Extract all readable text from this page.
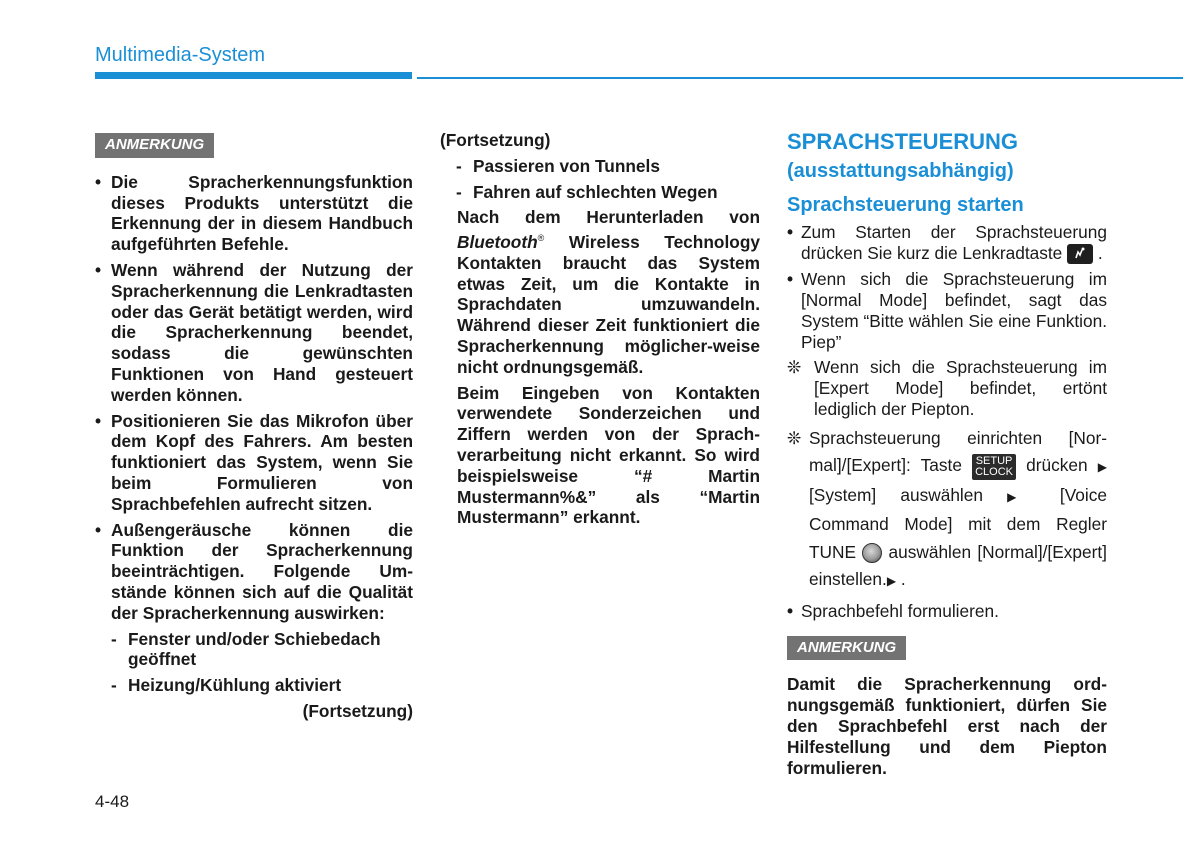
Multimedia-System
ANMERKUNG
• Die Spracherkennungsfunktion dieses Produkts unterstützt die Erkennung der in diesem Handbuch aufgeführten Befehle.
• Wenn während der Nutzung der Spracherkennung die Lenkradtasten oder das Gerät betätigt werden, wird die Spracherkennung beendet, sodass die gewünschten Funktionen von Hand gesteuert werden können.
• Positionieren Sie das Mikrofon über dem Kopf des Fahrers. Am besten funktioniert das System, wenn Sie beim Formulieren von Sprachbefehlen aufrecht sitzen.
• Außengeräusche können die Funktion der Spracherkennung beeinträchtigen. Folgende Umstände können sich auf die Qualität der Spracherkennung auswirken:
- Fenster und/oder Schiebedach geöffnet
- Heizung/Kühlung aktiviert
(Fortsetzung)
(Fortsetzung)
- Passieren von Tunnels
- Fahren auf schlechten Wegen
Nach dem Herunterladen von Bluetooth® Wireless Technology Kontakten braucht das System etwas Zeit, um die Kontakte in Sprachdaten umzuwandeln. Während dieser Zeit funktioniert die Spracherkennung möglicher-weise nicht ordnungsgemäß.
Beim Eingeben von Kontakten verwendete Sonderzeichen und Ziffern werden von der Sprachverarbeitung nicht erkannt. So wird beispielsweise “# Martin Mustermann%&” als “Martin Mustermann” erkannt.
SPRACHSTEUERUNG
(ausstattungsabhängig)
Sprachsteuerung starten
• Zum Starten der Sprachsteuerung drücken Sie kurz die Lenkradtaste .
• Wenn sich die Sprachsteuerung im [Normal Mode] befindet, sagt das System “Bitte wählen Sie eine Funktion. Piep”
❊ Wenn sich die Sprachsteuerung im [Expert Mode] befindet, ertönt lediglich der Piepton.
❊ Sprachsteuerung einrichten [Normal]/[Expert]: Taste SETUP
CLOCK drücken ▶ [System] auswählen ▶ [Voice Command Mode] mit dem Regler TUNE auswählen [Normal]/[Expert] einstellen.▶ .
• Sprachbefehl formulieren.
ANMERKUNG
Damit die Spracherkennung ordnungsgemäß funktioniert, dürfen Sie den Sprachbefehl erst nach der Hilfestellung und dem Piepton formulieren.
4-48
